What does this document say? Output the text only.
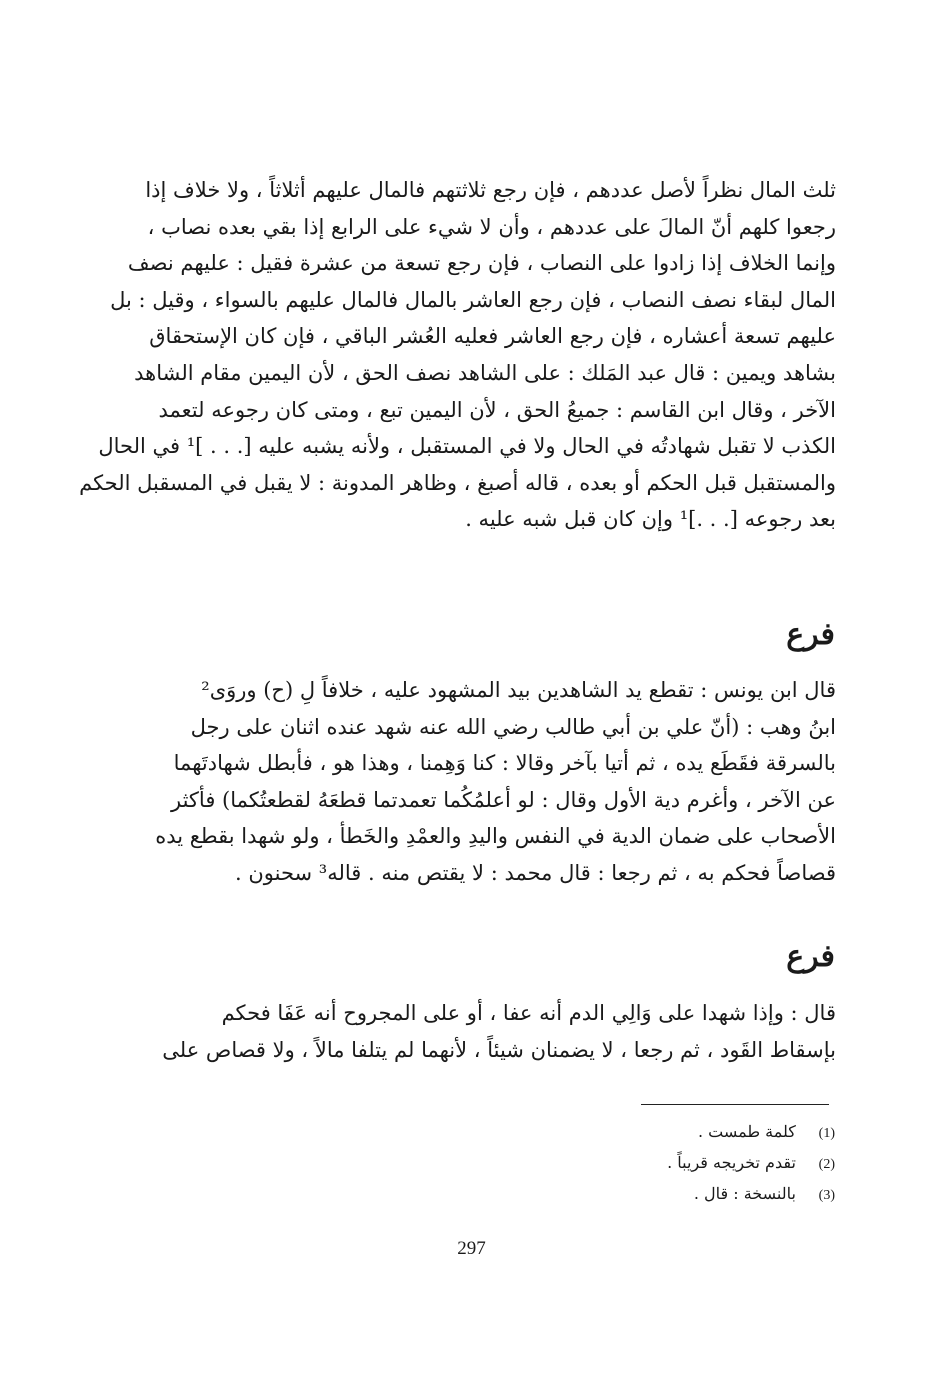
ثلث المال نظراً لأصل عددهم ، فإن رجع ثلاثتهم فالمال عليهم أثلاثاً ، ولا خلاف إذا
رجعوا كلهم أنّ المالَ على عددهم ، وأن لا شيء على الرابع إذا بقي بعده نصاب ،
وإنما الخلاف إذا زادوا على النصاب ، فإن رجع تسعة من عشرة فقيل : عليهم نصف
المال لبقاء نصف النصاب ، فإن رجع العاشر بالمال فالمال عليهم بالسواء ، وقيل : بل
عليهم تسعة أعشاره ، فإن رجع العاشر فعليه العُشر الباقي ، فإن كان الإستحقاق
بشاهد ويمين : قال عبد المَلك : على الشاهد نصف الحق ، لأن اليمين مقام الشاهد
الآخر ، وقال ابن القاسم : جميعُ الحق ، لأن اليمين تبع ، ومتى كان رجوعه لتعمد
الكذب لا تقبل شهادتُه في الحال ولا في المستقبل ، ولأنه يشبه عليه [. . . ]¹ في الحال
والمستقبل قبل الحكم أو بعده ، قاله أصبغ ، وظاهر المدونة : لا يقبل في المسقبل الحكم
بعد رجوعه [. . .]¹ وإن كان قبل شبه عليه .
فرع
قال ابن يونس : تقطع يد الشاهدين بيد المشهود عليه ، خلافاً لِ (ح) وروَى²
ابنُ وهب : (أنّ علي بن أبي طالب رضي الله عنه شهد عنده اثنان على رجل
بالسرقة فقَطَع يده ، ثم أتيا بآخر وقالا : كنا وَهِمنا ، وهذا هو ، فأبطل شهادتَهما
عن الآخر ، وأغرم دية الأول وقال : لو أعلمُكُما تعمدتما قطعَهُ لقطعتُكما) فأكثر
الأصحاب على ضمان الدية في النفس واليدِ والعمْدِ والخَطأ ، ولو شهدا بقطع يده
قصاصاً فحكم به ، ثم رجعا : قال محمد : لا يقتص منه . قاله³ سحنون .
فرع
قال : وإذا شهدا على وَالِي الدم أنه عفا ، أو على المجروح أنه عَفَا فحكم
بإسقاط القَود ، ثم رجعا ، لا يضمنان شيئاً ، لأنهما لم يتلفا مالاً ، ولا قصاص على
(1) كلمة طمست .
(2) تقدم تخريجه قريباً .
(3) بالنسخة : قال .
297
